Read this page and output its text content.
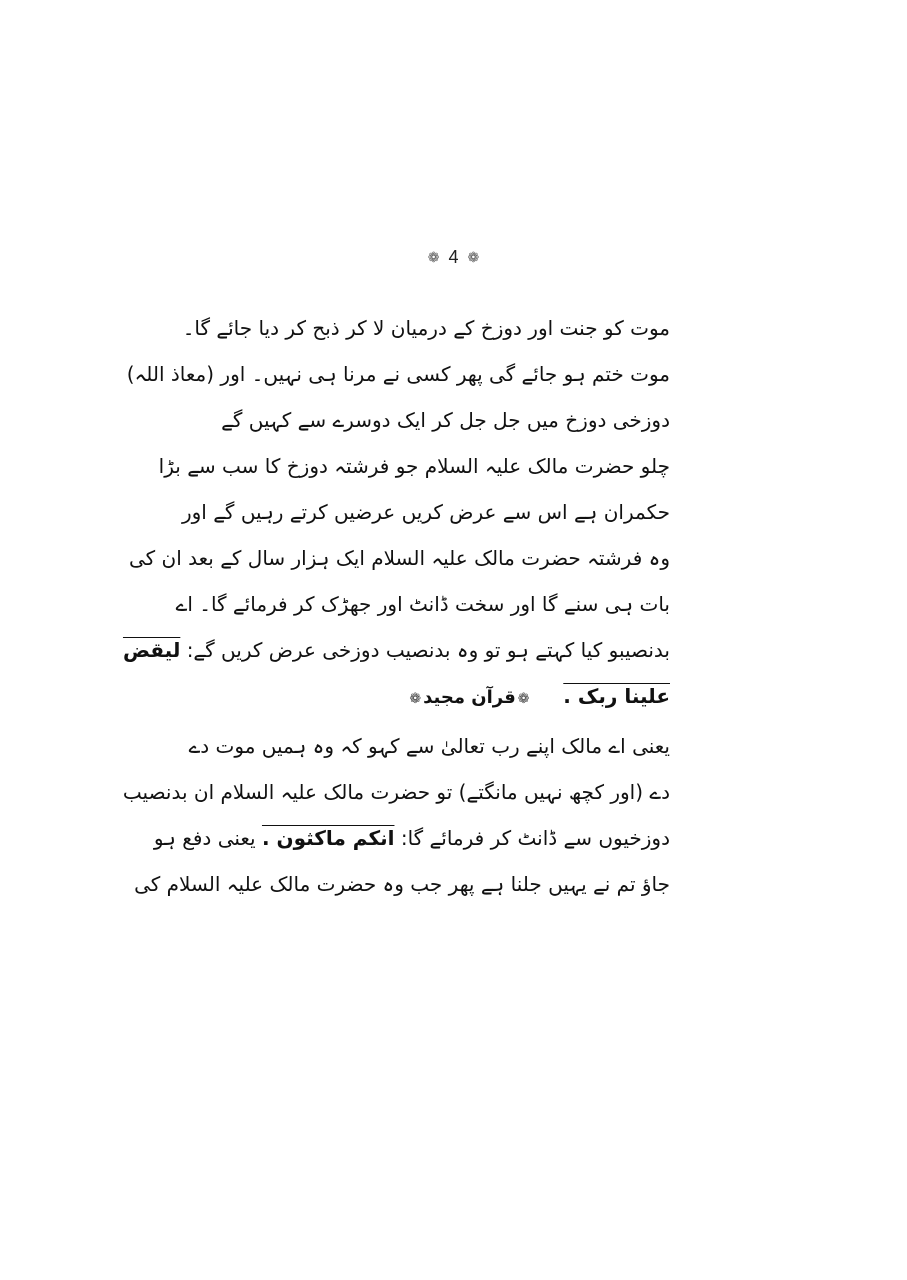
❁ 4 ❁
موت کو جنت اور دوزخ کے درمیان لا کر ذبح کر دیا جائے گا۔
موت ختم ہو جائے گی پھر کسی نے مرنا ہی نہیں۔ اور (معاذ اللہ)
دوزخی دوزخ میں جل جل کر ایک دوسرے سے کہیں گے
چلو حضرت مالک علیہ السلام جو فرشتہ دوزخ کا سب سے بڑا
حکمران ہے اس سے عرض کریں عرضیں کرتے رہیں گے اور
وہ فرشتہ حضرت مالک علیہ السلام ایک ہزار سال کے بعد ان کی
بات ہی سنے گا اور سخت ڈانٹ اور جھڑک کر فرمائے گا۔ اے
بدنصیبو کیا کہتے ہو تو وہ بدنصیب دوزخی عرض کریں گے: لیقض
علینا ربک .     ❁قرآن مجید❁
یعنی اے مالک اپنے رب تعالیٰ سے کہو کہ وہ ہمیں موت دے
دے (اور کچھ نہیں مانگتے) تو حضرت مالک علیہ السلام ان بدنصیب
دوزخیوں سے ڈانٹ کر فرمائے گا: انکم ماکثون . یعنی دفع ہو
جاؤ تم نے یہیں جلنا ہے پھر جب وہ حضرت مالک علیہ السلام کی
